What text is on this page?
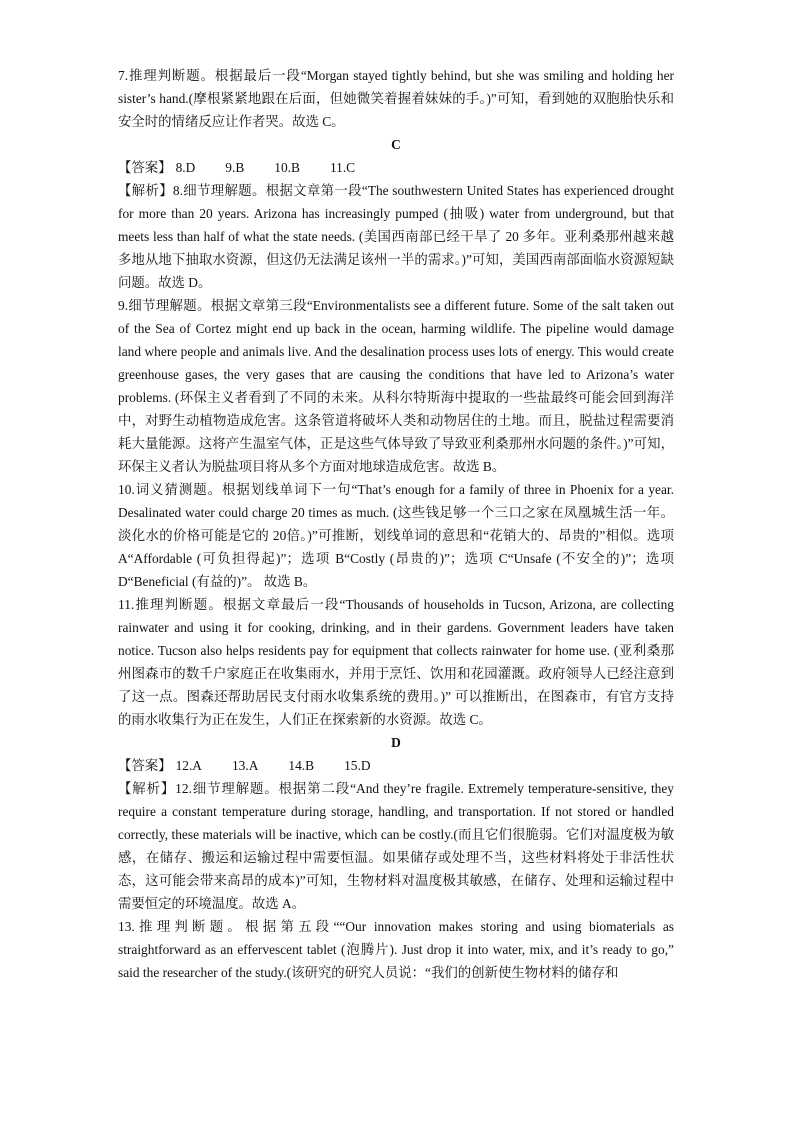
7.推理判断题。根据最后一段“Morgan stayed tightly behind, but she was smiling and holding her sister’s hand.(摩根紧紧地跟在后面，但她微笑着握着妹妹的手。)”可知，看到她的双胞胎快乐和安全时的情绪反应让作者哭。故选 C。

C

【答案】 8.D 9.B 10.B 11.C

【解析】8.细节理解题。根据文章第一段“The southwestern United States has experienced drought for more than 20 years. Arizona has increasingly pumped (抽吸) water from underground, but that meets less than half of what the state needs. (美国西南部已经干旱了 20 多年。亚利桑那州越来越多地从地下抽取水资源，但这仍无法满足该州一半的需求。)”可知，美国西南部面临水资源短缺问题。故选 D。

9.细节理解题。根据文章第三段“Environmentalists see a different future. Some of the salt taken out of the Sea of Cortez might end up back in the ocean, harming wildlife. The pipeline would damage land where people and animals live. And the desalination process uses lots of energy. This would create greenhouse gases, the very gases that are causing the conditions that have led to Arizona’s water problems. (环保主义者看到了不同的未来。从科尔特斯海中提取的一些盐最终可能会回到海洋中，对野生动植物造成危害。这条管道将破坏人类和动物居住的土地。而且，脱盐过程需要消耗大量能源。这将产生温室气体，正是这些气体导致了导致亚利桑那州水问题的条件。)”可知，环保主义者认为脱盐项目将从多个方面对地球造成危害。故选 B。

10.词义猜测题。根据划线单词下一句“That’s enough for a family of three in Phoenix for a year. Desalinated water could charge 20 times as much. (这些钱足够一个三口之家在凤凰城生活一年。淡化水的价格可能是它的 20倍。)”可推断，划线单词的意思和“花销大的、昂贵的”相似。选项 A“Affordable (可负担得起)”；选项 B“Costly (昂贵的)”；选项 C“Unsafe (不安全的)”；选项 D“Beneficial (有益的)”。 故选 B。

11.推理判断题。根据文章最后一段“Thousands of households in Tucson, Arizona, are collecting rainwater and using it for cooking, drinking, and in their gardens. Government leaders have taken notice. Tucson also helps residents pay for equipment that collects rainwater for home use. (亚利桑那州图森市的数千户家庭正在收集雨水，并用于烹饪、饮用和花园灌溉。政府领导人已经注意到了这一点。图森还帮助居民支付雨水收集系统的费用。)” 可以推断出，在图森市，有官方支持的雨水收集行为正在发生，人们正在探索新的水资源。故选 C。

D

【答案】 12.A 13.A 14.B 15.D

【解析】12.细节理解题。根据第二段“And they’re fragile. Extremely temperature-sensitive, they require a constant temperature during storage, handling, and transportation. If not stored or handled correctly, these materials will be inactive, which can be costly.(而且它们很脆弱。它们对温度极为敏感，在储存、搬运和运输过程中需要恒温。如果储存或处理不当，这些材料将处于非活性状态，这可能会带来高昂的成本)”可知，生物材料对温度极其敏感，在储存、处理和运输过程中需要恒定的环境温度。故选 A。

13.推理判断题。根据第五段““Our innovation makes storing and using biomaterials as straightforward as an effervescent tablet (泡腾片). Just drop it into water, mix, and it’s ready to go,” said the researcher of the study.(该研究的研究人员说：“我们的创新使生物材料的储存和
